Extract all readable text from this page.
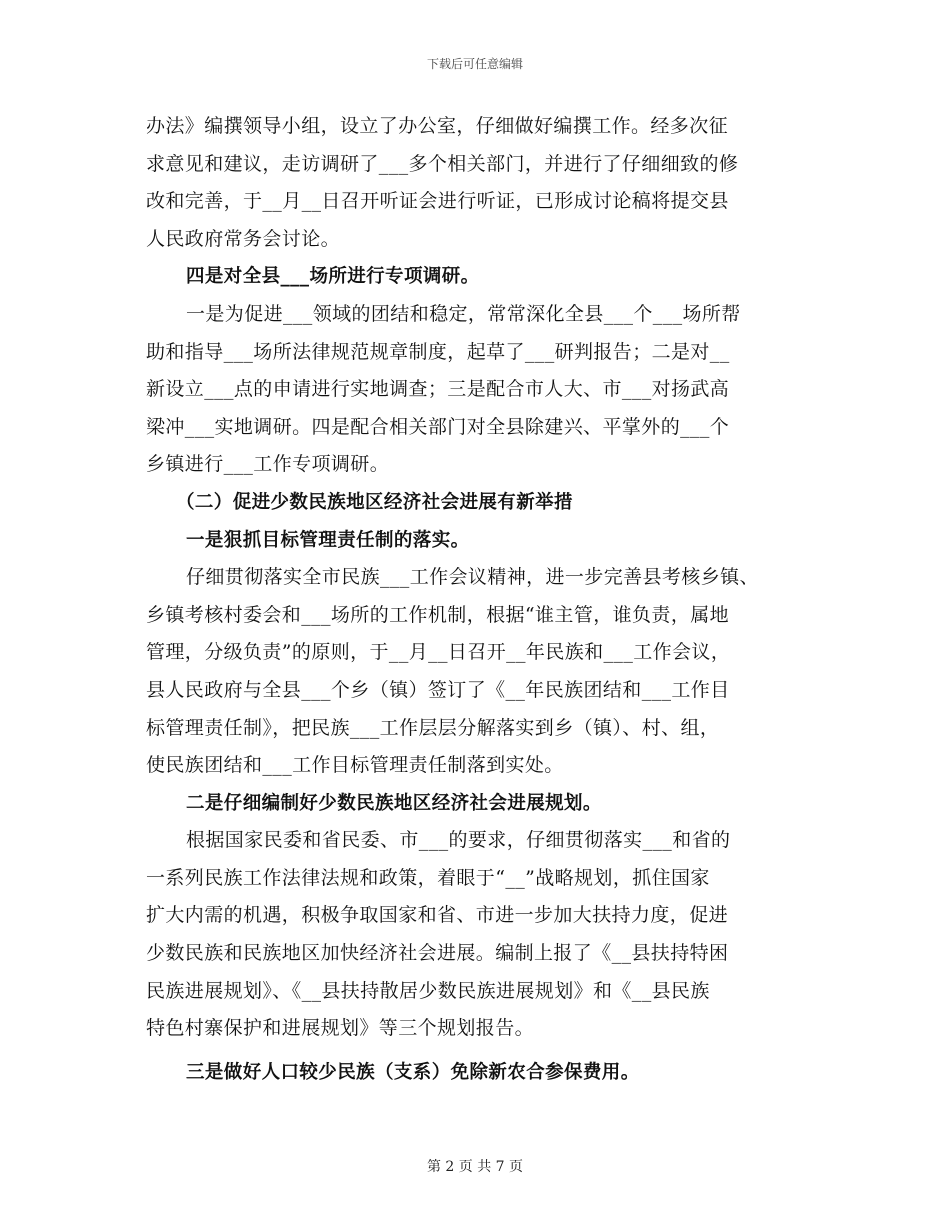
下载后可任意编辑
办法》编撰领导小组，设立了办公室，仔细做好编撰工作。经多次征
求意见和建议，走访调研了___多个相关部门，并进行了仔细细致的修
改和完善，于__月__日召开听证会进行听证，已形成讨论稿将提交县
人民政府常务会讨论。
四是对全县___场所进行专项调研。
一是为促进___领域的团结和稳定，常常深化全县___个___场所帮
助和指导___场所法律规范规章制度，起草了___研判报告；二是对__
新设立___点的申请进行实地调查；三是配合市人大、市___对扬武高
梁冲___实地调研。四是配合相关部门对全县除建兴、平掌外的___个
乡镇进行___工作专项调研。
（二）促进少数民族地区经济社会进展有新举措
一是狠抓目标管理责任制的落实。
仔细贯彻落实全市民族___工作会议精神，进一步完善县考核乡镇、
乡镇考核村委会和___场所的工作机制，根据“谁主管，谁负责，属地
管理，分级负责”的原则，于__月__日召开__年民族和___工作会议，
县人民政府与全县___个乡（镇）签订了《__年民族团结和___工作目
标管理责任制》，把民族___工作层层分解落实到乡（镇）、村、组，
使民族团结和___工作目标管理责任制落到实处。
二是仔细编制好少数民族地区经济社会进展规划。
根据国家民委和省民委、市___的要求，仔细贯彻落实___和省的
一系列民族工作法律法规和政策，着眼于“__”战略规划，抓住国家
扩大内需的机遇，积极争取国家和省、市进一步加大扶持力度，促进
少数民族和民族地区加快经济社会进展。编制上报了《__县扶持特困
民族进展规划》、《__县扶持散居少数民族进展规划》和《__县民族
特色村寨保护和进展规划》等三个规划报告。
三是做好人口较少民族（支系）免除新农合参保费用。
第 2 页 共 7 页
